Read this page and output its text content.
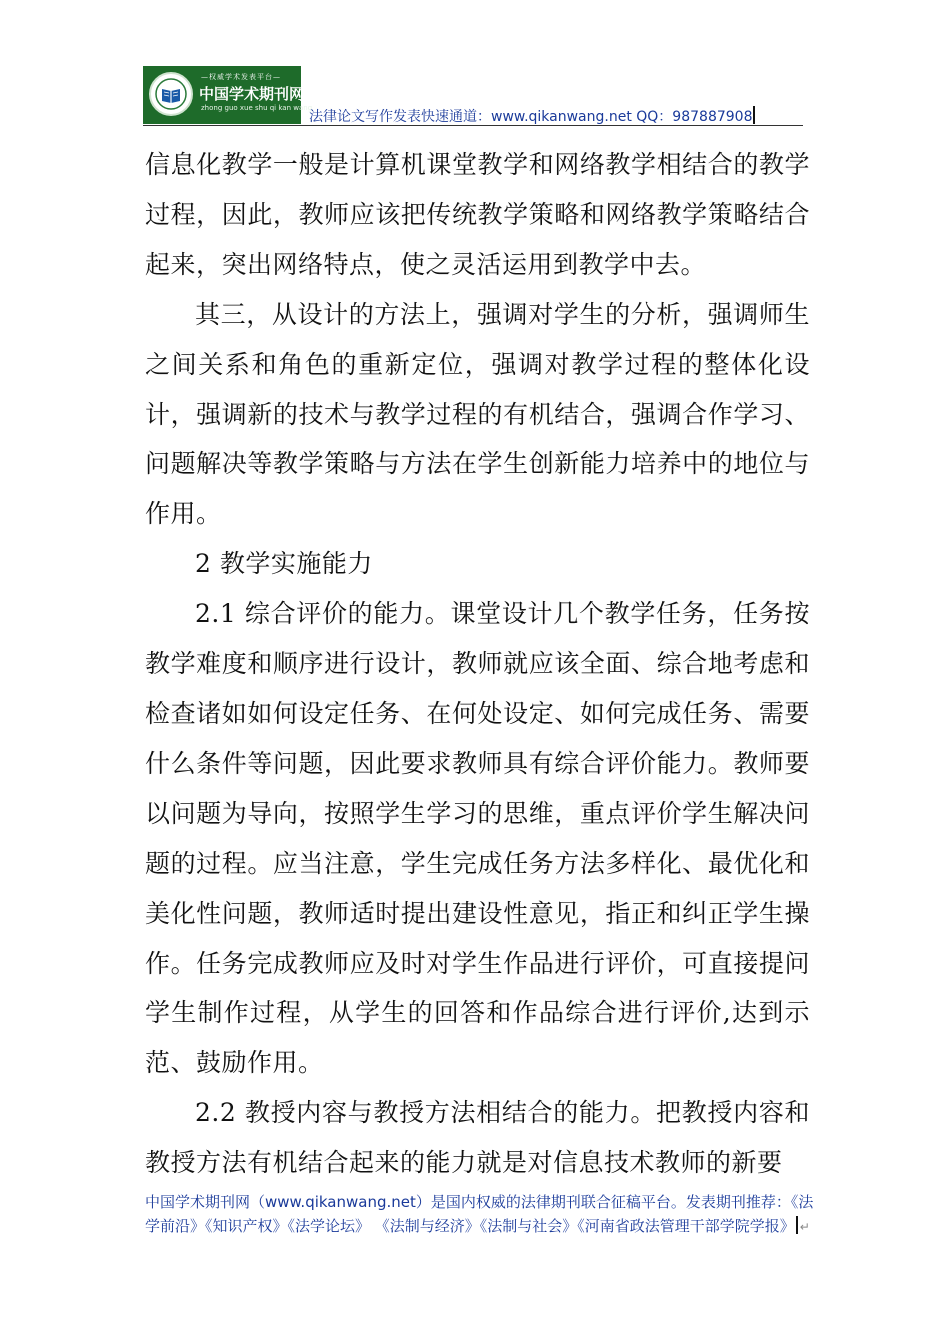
—权威学术发表平台—
中国学术期刊网
zhong guo xue shu qi kan wang
法律论文写作发表快速通道：www.qikanwang.net QQ：987887908

信息化教学一般是计算机课堂教学和网络教学相结合的教学过程，因此，教师应该把传统教学策略和网络教学策略结合起来，突出网络特点，使之灵活运用到教学中去。

其三，从设计的方法上，强调对学生的分析，强调师生之间关系和角色的重新定位，强调对教学过程的整体化设计，强调新的技术与教学过程的有机结合，强调合作学习、问题解决等教学策略与方法在学生创新能力培养中的地位与作用。

2 教学实施能力

2.1 综合评价的能力。课堂设计几个教学任务，任务按教学难度和顺序进行设计，教师就应该全面、综合地考虑和检查诸如如何设定任务、在何处设定、如何完成任务、需要什么条件等问题，因此要求教师具有综合评价能力。教师要以问题为导向，按照学生学习的思维，重点评价学生解决问题的过程。应当注意，学生完成任务方法多样化、最优化和美化性问题，教师适时提出建设性意见，指正和纠正学生操作。任务完成教师应及时对学生作品进行评价，可直接提问学生制作过程，从学生的回答和作品综合进行评价,达到示范、鼓励作用。

2.2 教授内容与教授方法相结合的能力。把教授内容和教授方法有机结合起来的能力就是对信息技术教师的新要

中国学术期刊网（www.qikanwang.net）是国内权威的法律期刊联合征稿平台。发表期刊推荐：《法学前沿》《知识产权》《法学论坛》 《法制与经济》《法制与社会》《河南省政法管理干部学院学报》 ↵
